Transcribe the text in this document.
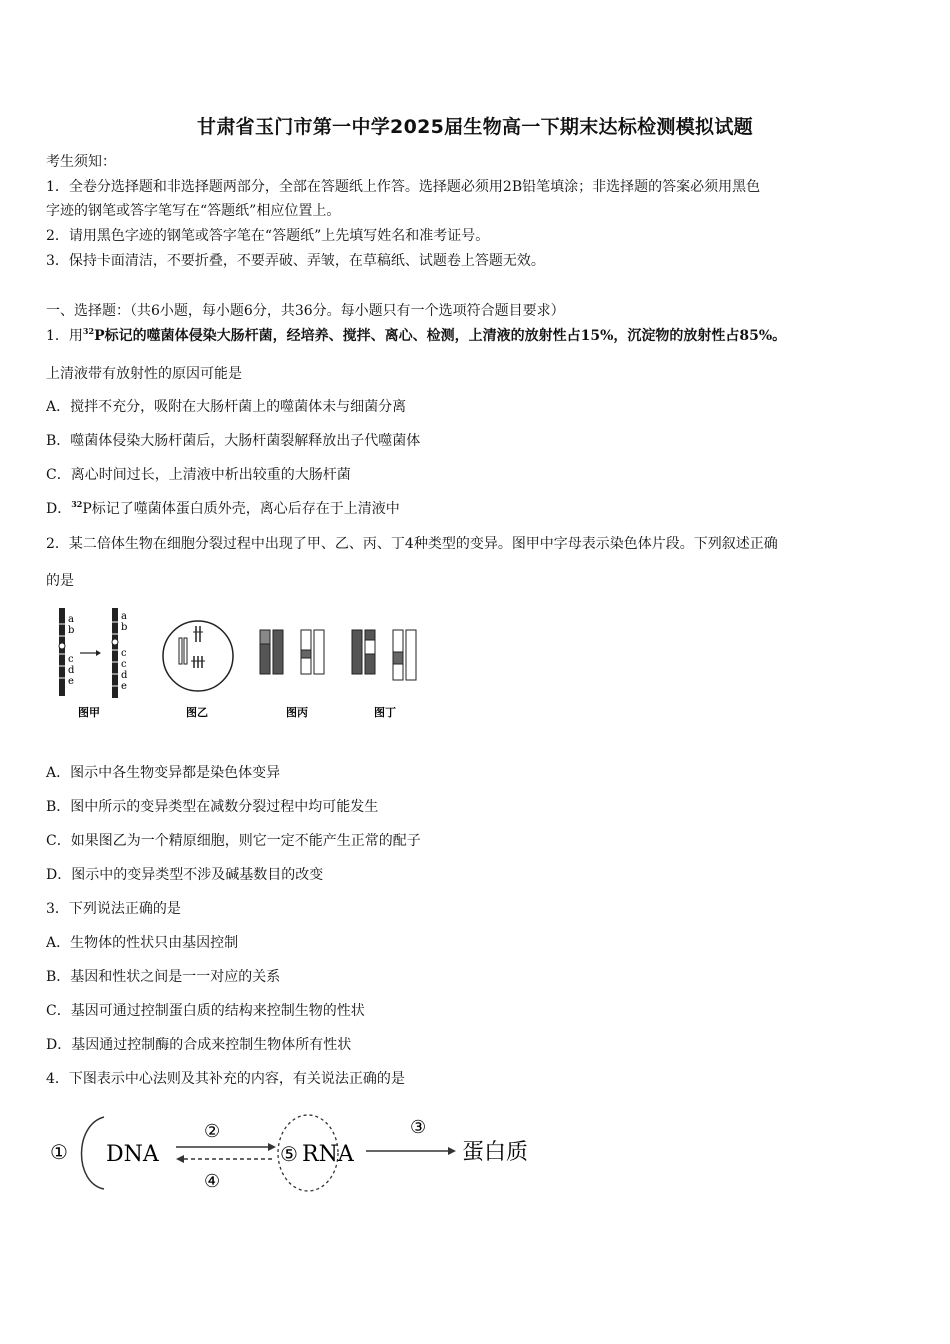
甘肃省玉门市第一中学2025届生物高一下期末达标检测模拟试题
考生须知：
1．全卷分选择题和非选择题两部分，全部在答题纸上作答。选择题必须用2B铅笔填涂；非选择题的答案必须用黑色
字迹的钢笔或答字笔写在“答题纸”相应位置上。
2．请用黑色字迹的钢笔或答字笔在“答题纸”上先填写姓名和准考证号。
3．保持卡面清洁，不要折叠，不要弄破、弄皱，在草稿纸、试题卷上答题无效。
一、选择题：（共6小题，每小题6分，共36分。每小题只有一个选项符合题目要求）
1．用$^{32}$P标记的噬菌体侵染大肠杆菌，经培养、搅拌、离心、检测，上清液的放射性占15%，沉淀物的放射性占85%。
上清液带有放射性的原因可能是
A．搅拌不充分，吸附在大肠杆菌上的噬菌体未与细菌分离
B．噬菌体侵染大肠杆菌后，大肠杆菌裂解释放出子代噬菌体
C．离心时间过长，上清液中析出较重的大肠杆菌
D．$^{32}$P标记了噬菌体蛋白质外壳，离心后存在于上清液中
2．某二倍体生物在细胞分裂过程中出现了甲、乙、丙、丁4种类型的变异。图甲中字母表示染色体片段。下列叙述正确
的是
a
b
c
d
e
a
b
c
c
d
e
图甲	图乙	图丙	图丁
A．图示中各生物变异都是染色体变异
B．图中所示的变异类型在减数分裂过程中均可能发生
C．如果图乙为一个精原细胞，则它一定不能产生正常的配子
D．图示中的变异类型不涉及碱基数目的改变
3．下列说法正确的是
A．生物体的性状只由基因控制
B．基因和性状之间是一一对应的关系
C．基因可通过控制蛋白质的结构来控制生物的性状
D．基因通过控制酶的合成来控制生物体所有性状
4．下图表示中心法则及其补充的内容，有关说法正确的是
① DNA
②
④
⑤ RNA
③
蛋白质
